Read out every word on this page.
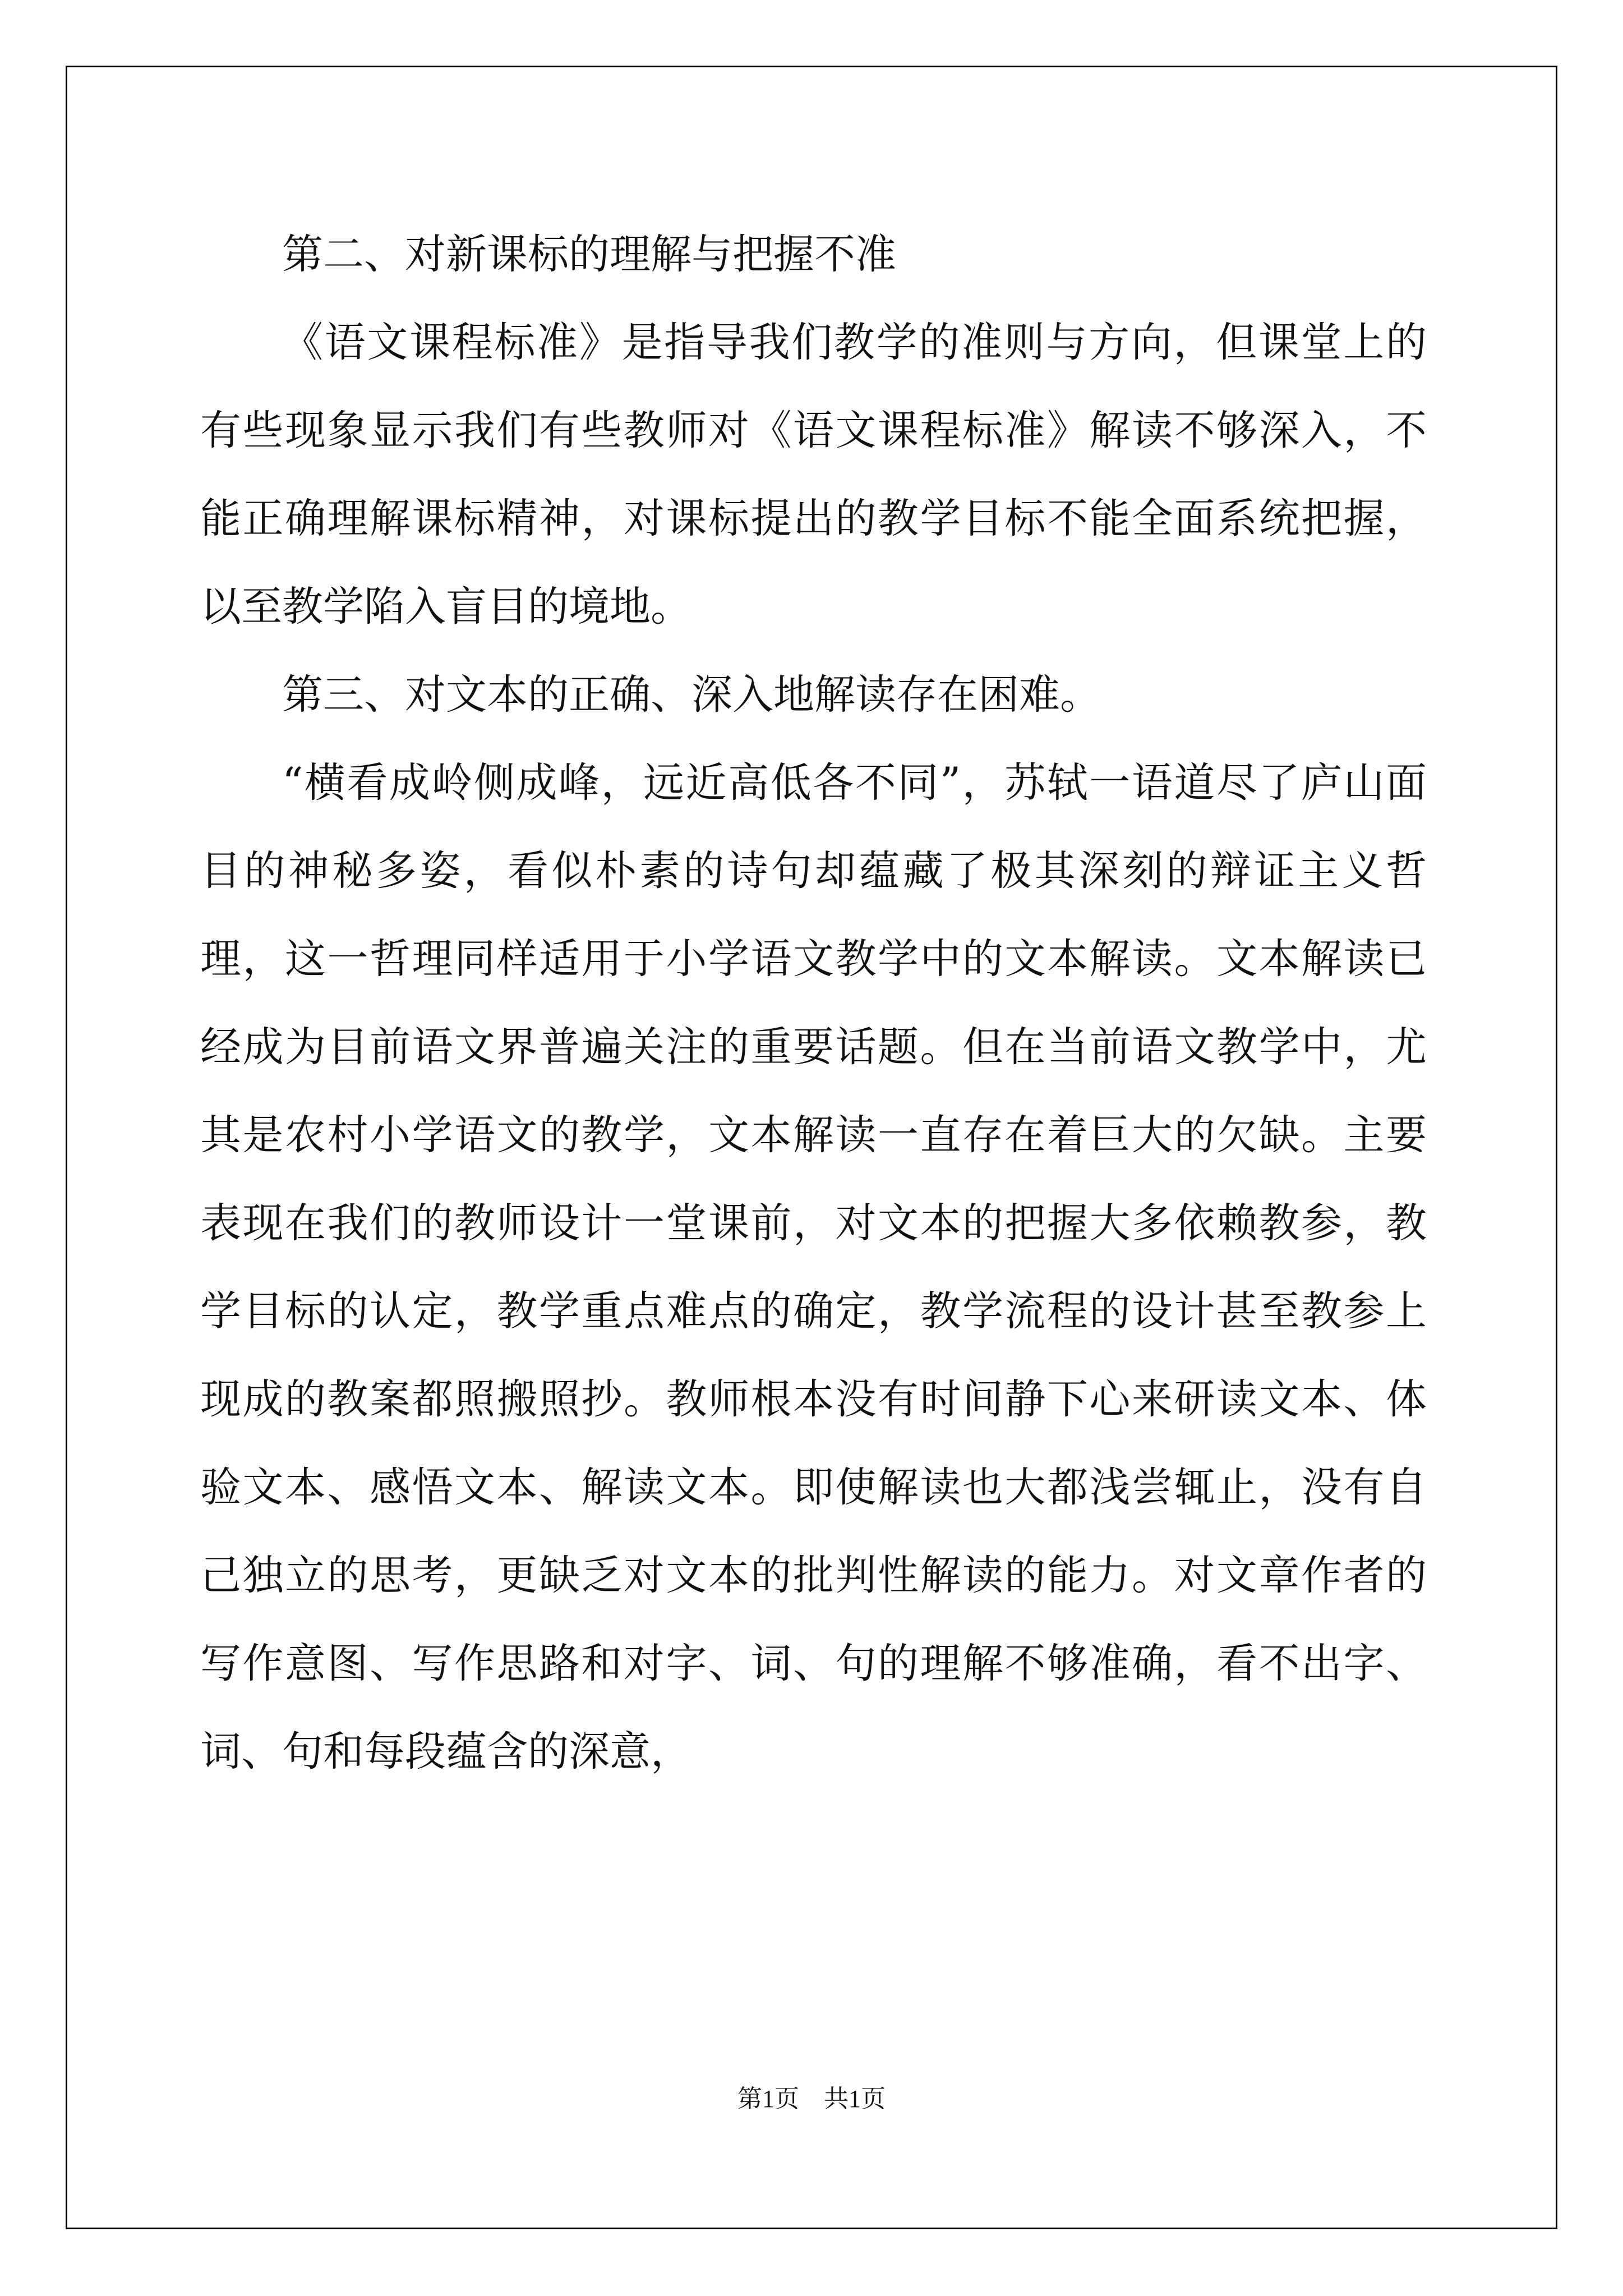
第二、对新课标的理解与把握不准

《语文课程标准》是指导我们教学的准则与方向，但课堂上的有些现象显示我们有些教师对《语文课程标准》解读不够深入，不能正确理解课标精神，对课标提出的教学目标不能全面系统把握，以至教学陷入盲目的境地。

第三、对文本的正确、深入地解读存在困难。

“横看成岭侧成峰，远近高低各不同”，苏轼一语道尽了庐山面目的神秘多姿，看似朴素的诗句却蕴藏了极其深刻的辩证主义哲理，这一哲理同样适用于小学语文教学中的文本解读。文本解读已经成为目前语文界普遍关注的重要话题。但在当前语文教学中，尤其是农村小学语文的教学，文本解读一直存在着巨大的欠缺。主要表现在我们的教师设计一堂课前，对文本的把握大多依赖教参，教学目标的认定，教学重点难点的确定，教学流程的设计甚至教参上现成的教案都照搬照抄。教师根本没有时间静下心来研读文本、体验文本、感悟文本、解读文本。即使解读也大都浅尝辄止，没有自己独立的思考，更缺乏对文本的批判性解读的能力。对文章作者的写作意图、写作思路和对字、词、句的理解不够准确，看不出字、词、句和每段蕴含的深意，

第1页　共1页
